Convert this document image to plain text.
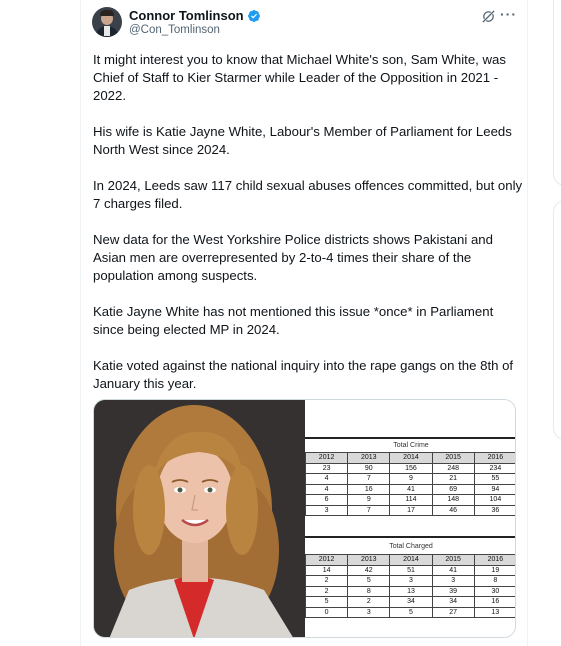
Connor Tomlinson
@Con_Tomlinson
···

It might interest you to know that Michael White's son, Sam White, was Chief of Staff to Kier Starmer while Leader of the Opposition in 2021 - 2022.

His wife is Katie Jayne White, Labour's Member of Parliament for Leeds North West since 2024.

In 2024, Leeds saw 117 child sexual abuses offences committed, but only 7 charges filed.

New data for the West Yorkshire Police districts shows Pakistani and Asian men are overrepresented by 2-to-4 times their share of the population among suspects.

Katie Jayne White has not mentioned this issue *once* in Parliament since being elected MP in 2024.

Katie voted against the national inquiry into the rape gangs on the 8th of January this year.

Total Crime
2012	2013	2014	2015	2016
23	90	156	248	234
4	7	9	21	55
4	16	41	69	94
6	9	114	148	104
3	7	17	46	36
Total Charged
2012	2013	2014	2015	2016
14	42	51	41	19
2	5	3	3	8
2	8	13	39	30
5	2	34	34	16
0	3	5	27	13
